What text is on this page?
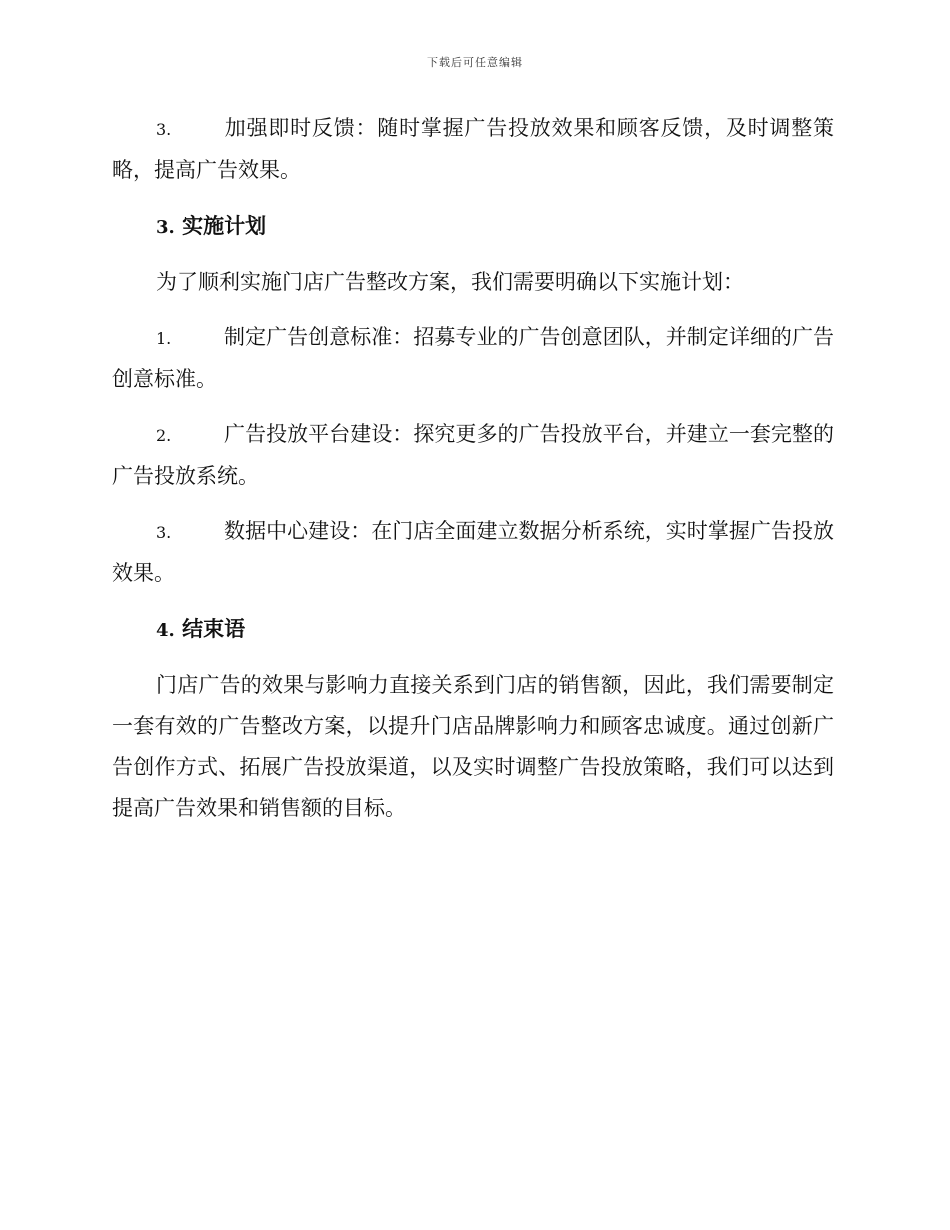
下载后可任意编辑

3.	加强即时反馈：随时掌握广告投放效果和顾客反馈，及时调整策略，提高广告效果。

3. 实施计划

为了顺利实施门店广告整改方案，我们需要明确以下实施计划：

1.	制定广告创意标准：招募专业的广告创意团队，并制定详细的广告创意标准。

2.	广告投放平台建设：探究更多的广告投放平台，并建立一套完整的广告投放系统。

3.	数据中心建设：在门店全面建立数据分析系统，实时掌握广告投放效果。

4. 结束语

门店广告的效果与影响力直接关系到门店的销售额，因此，我们需要制定一套有效的广告整改方案，以提升门店品牌影响力和顾客忠诚度。通过创新广告创作方式、拓展广告投放渠道，以及实时调整广告投放策略，我们可以达到提高广告效果和销售额的目标。
